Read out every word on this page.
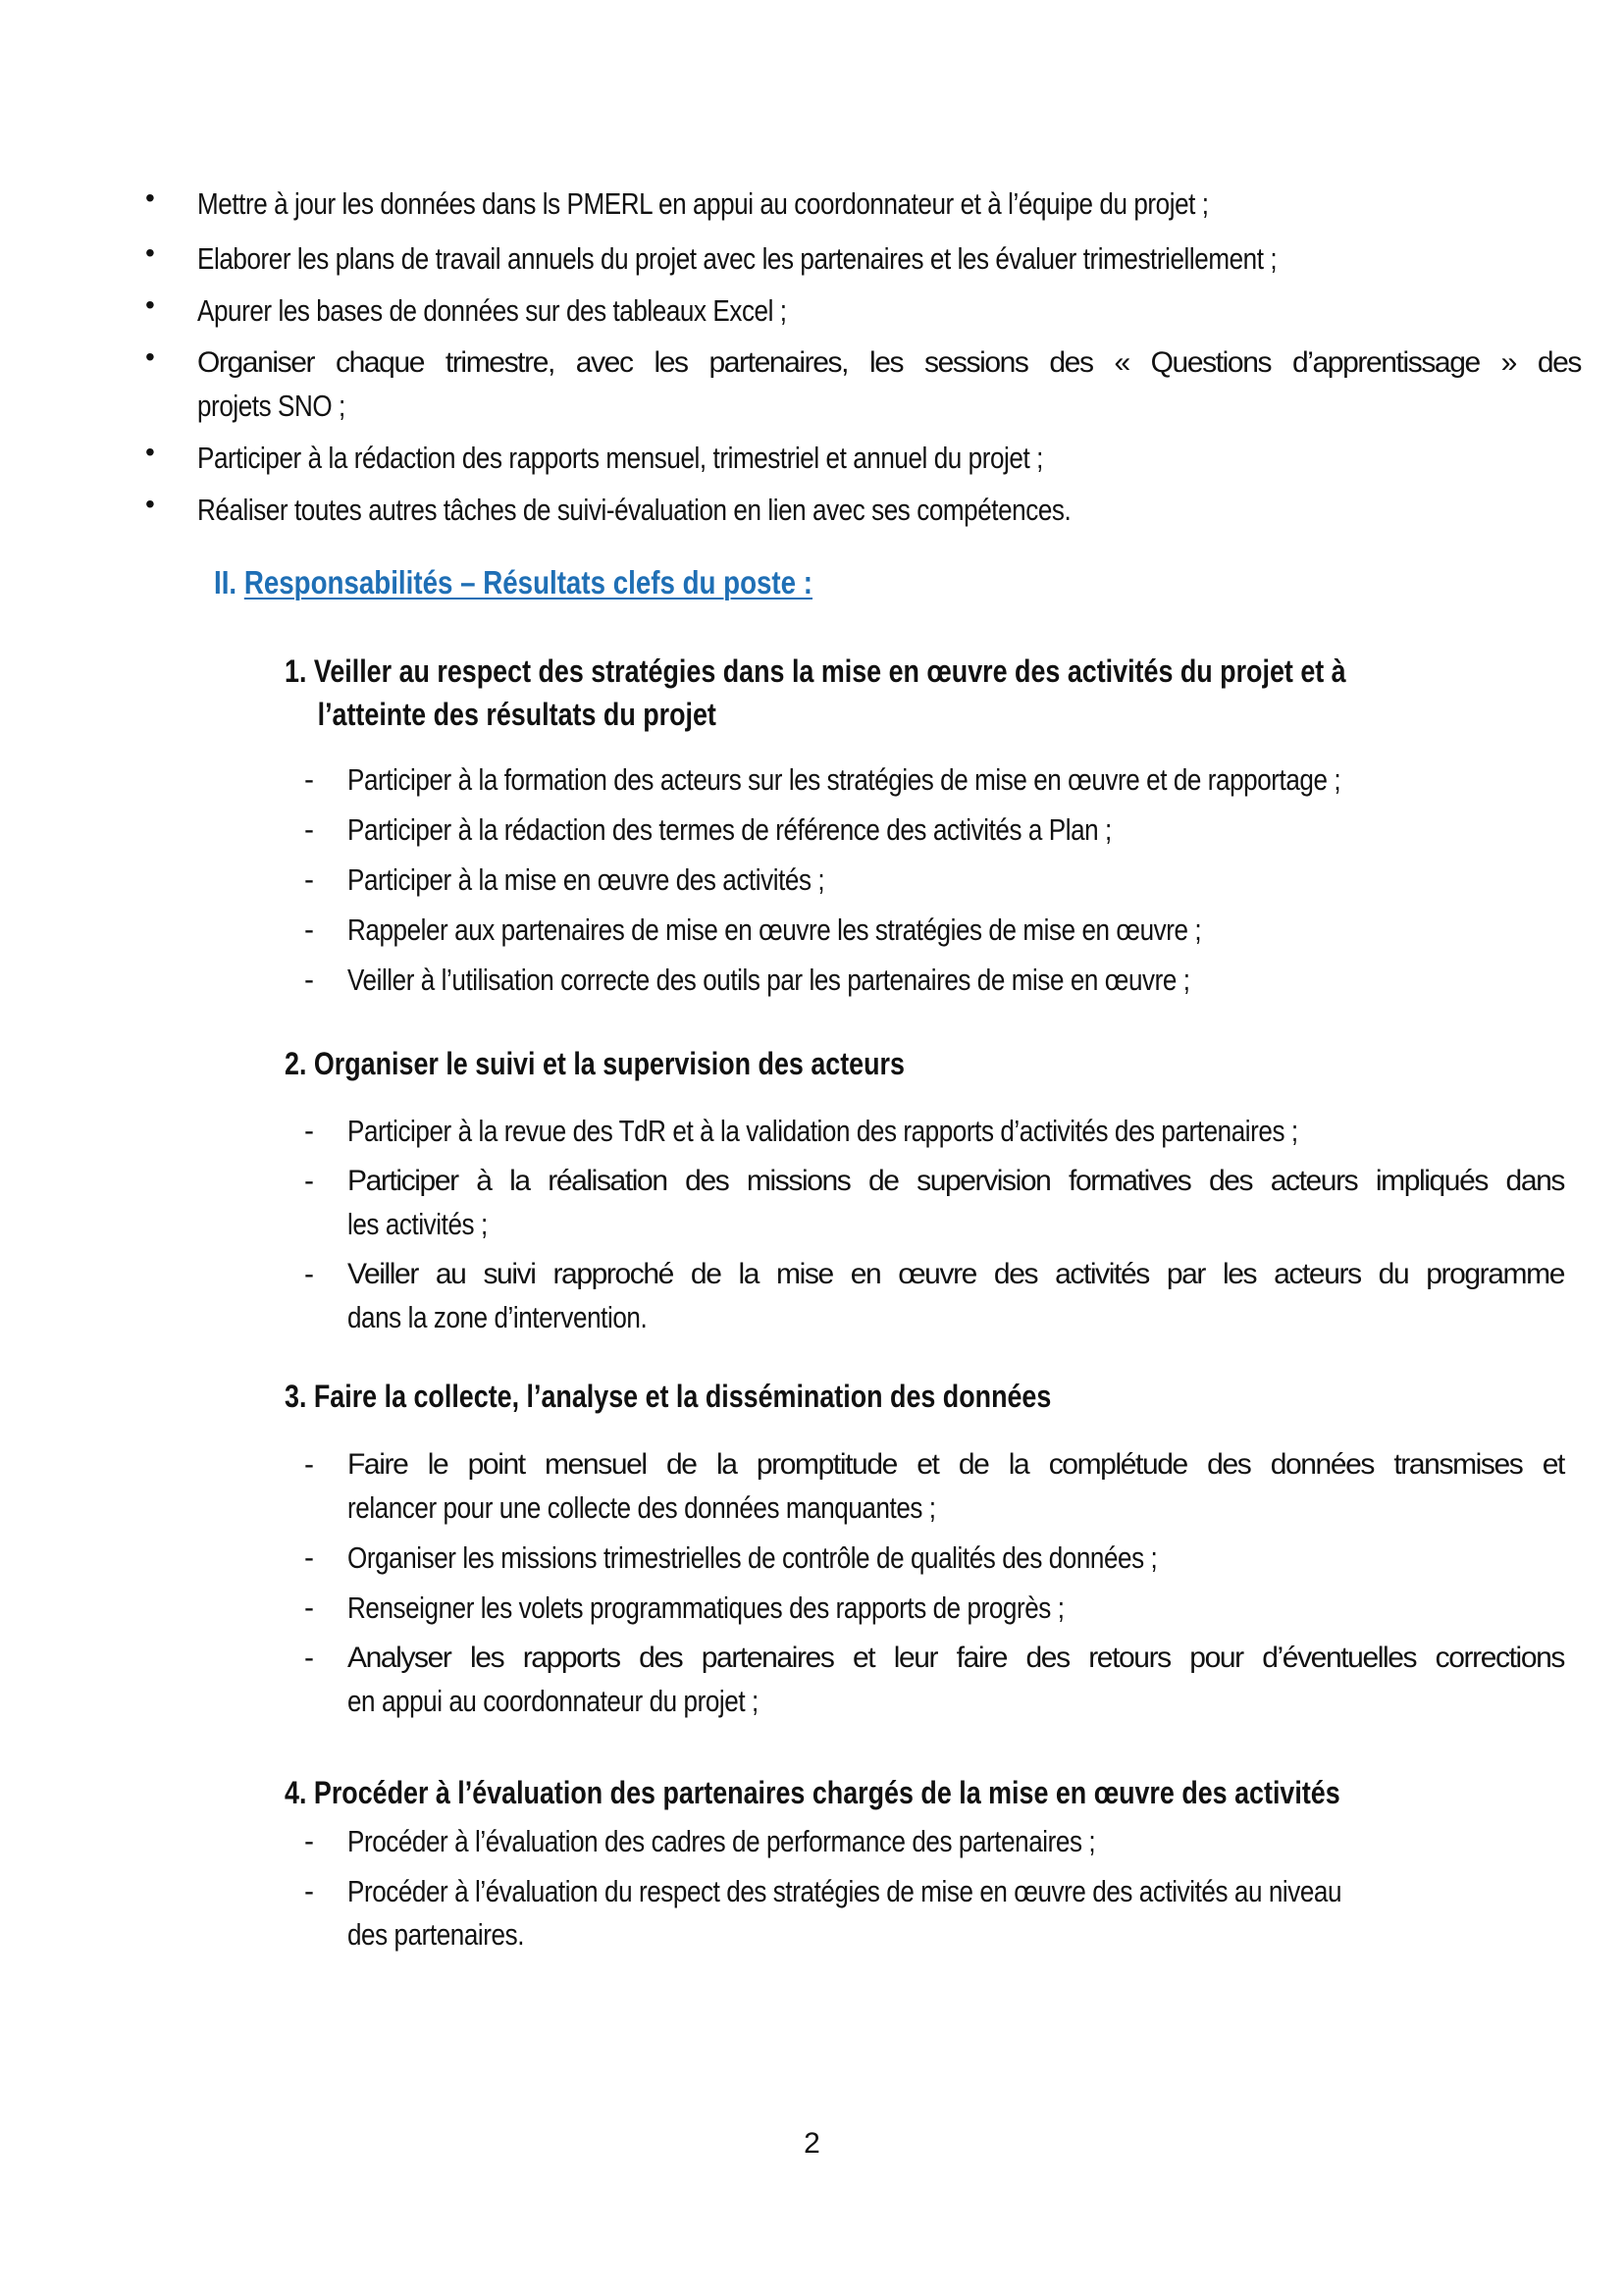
• Mettre à jour les données dans ls PMERL en appui au coordonnateur et à l’équipe du projet ;
• Elaborer les plans de travail annuels du projet avec les partenaires et les évaluer trimestriellement ;
• Apurer les bases de données sur des tableaux Excel ;
• Organiser chaque trimestre, avec les partenaires, les sessions des « Questions d’apprentissage » des
projets SNO ;
• Participer à la rédaction des rapports mensuel, trimestriel et annuel du projet ;
• Réaliser toutes autres tâches de suivi-évaluation en lien avec ses compétences.
II. Responsabilités – Résultats clefs du poste :
1. Veiller au respect des stratégies dans la mise en œuvre des activités du projet et à
l’atteinte des résultats du projet
- Participer à la formation des acteurs sur les stratégies de mise en œuvre et de rapportage ;
- Participer à la rédaction des termes de référence des activités a Plan ;
- Participer à la mise en œuvre des activités ;
- Rappeler aux partenaires de mise en œuvre les stratégies de mise en œuvre ;
- Veiller à l’utilisation correcte des outils par les partenaires de mise en œuvre ;
2. Organiser le suivi et la supervision des acteurs
- Participer à la revue des TdR et à la validation des rapports d’activités des partenaires ;
- Participer à la réalisation des missions de supervision formatives des acteurs impliqués dans
les activités ;
- Veiller au suivi rapproché de la mise en œuvre des activités par les acteurs du programme
dans la zone d’intervention.
3. Faire la collecte, l’analyse et la dissémination des données
- Faire le point mensuel de la promptitude et de la complétude des données transmises et
relancer pour une collecte des données manquantes ;
- Organiser les missions trimestrielles de contrôle de qualités des données ;
- Renseigner les volets programmatiques des rapports de progrès ;
- Analyser les rapports des partenaires et leur faire des retours pour d’éventuelles corrections
en appui au coordonnateur du projet ;
4. Procéder à l’évaluation des partenaires chargés de la mise en œuvre des activités
- Procéder à l’évaluation des cadres de performance des partenaires ;
- Procéder à l’évaluation du respect des stratégies de mise en œuvre des activités au niveau
des partenaires.
2
